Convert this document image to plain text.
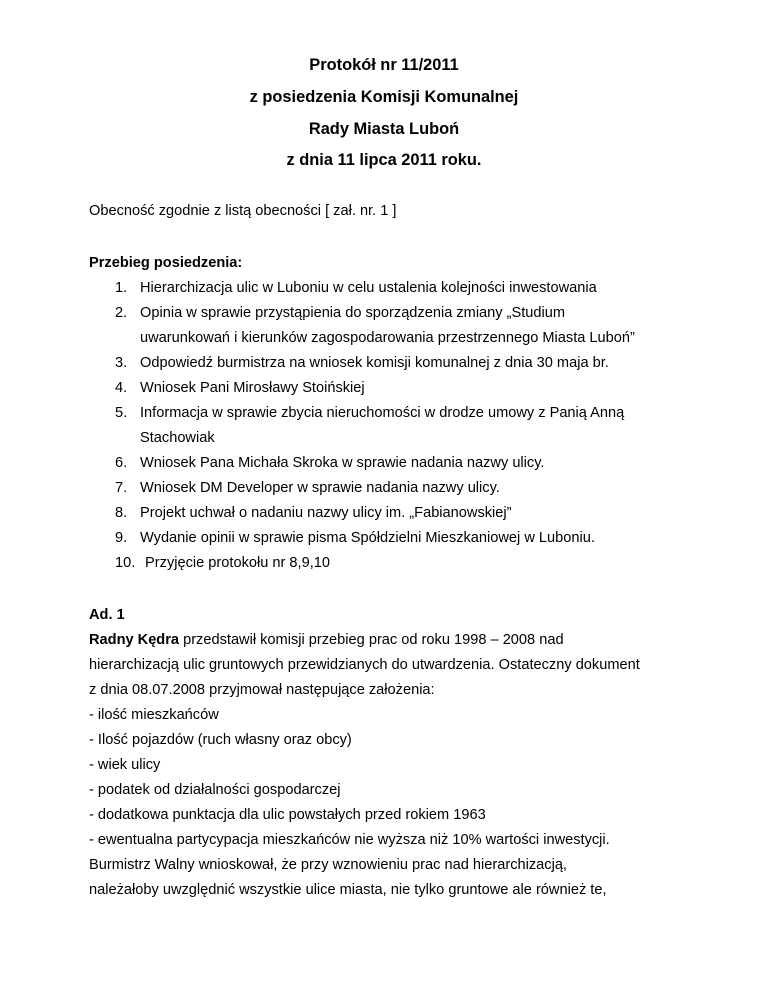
Protokół nr 11/2011
z posiedzenia Komisji Komunalnej
Rady Miasta Luboń
z dnia 11 lipca 2011 roku.
Obecność zgodnie z listą obecności [ zał. nr. 1 ]
Przebieg posiedzenia:
1. Hierarchizacja ulic w Luboniu w celu ustalenia kolejności inwestowania
2. Opinia w sprawie przystąpienia do sporządzenia zmiany „Studium
uwarunkowań i kierunków zagospodarowania przestrzennego Miasta Luboń”
3. Odpowiedź burmistrza na wniosek komisji komunalnej z dnia 30 maja br.
4. Wniosek Pani Mirosławy Stoińskiej
5. Informacja w sprawie zbycia nieruchomości w drodze umowy z Panią Anną
Stachowiak
6. Wniosek Pana Michała Skroka w sprawie nadania nazwy ulicy.
7. Wniosek DM Developer w sprawie nadania nazwy ulicy.
8. Projekt uchwał o nadaniu nazwy ulicy im. „Fabianowskiej”
9. Wydanie opinii w sprawie pisma Spółdzielni Mieszkaniowej w Luboniu.
10. Przyjęcie protokołu nr 8,9,10
Ad. 1
Radny Kędra przedstawił komisji przebieg prac od roku 1998 – 2008 nad
hierarchizacją ulic gruntowych przewidzianych do utwardzenia. Ostateczny dokument
z dnia 08.07.2008 przyjmował następujące założenia:
- ilość mieszkańców
- Ilość pojazdów (ruch własny oraz obcy)
- wiek ulicy
- podatek od działalności gospodarczej
- dodatkowa punktacja dla ulic powstałych przed rokiem 1963
- ewentualna partycypacja mieszkańców nie wyższa niż 10% wartości inwestycji.
Burmistrz Walny wnioskował, że przy wznowieniu prac nad hierarchizacją,
należałoby uwzględnić wszystkie ulice miasta, nie tylko gruntowe ale również te,
